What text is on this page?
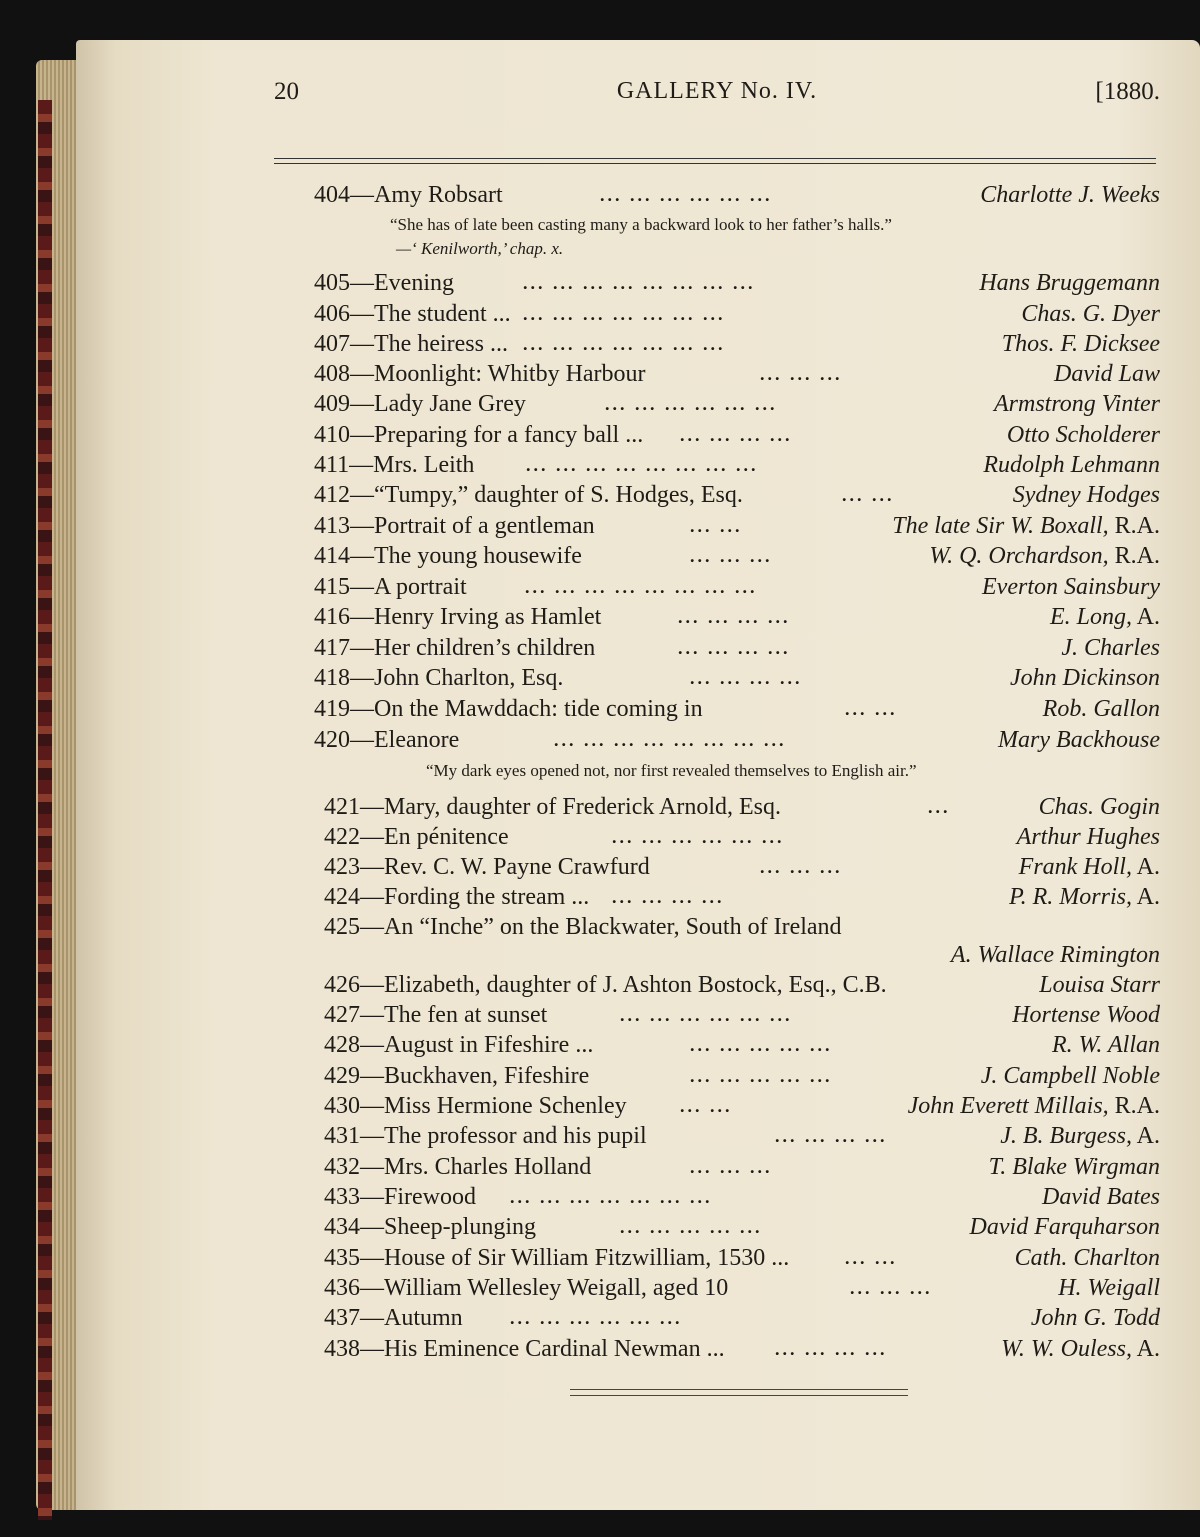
20	GALLERY No. IV.	[1880.
404—Amy Robsart	... ... ... ... ... ...	Charlotte J. Weeks
405—Evening	... ... ... ... ... ... ... ...	Hans Bruggemann
406—The student ... ... ... ... ... ... ... ...	Chas. G. Dyer
407—The heiress ... ... ... ... ... ... ... ...	Thos. F. Dicksee
408—Moonlight: Whitby Harbour	... ... ...	David Law
409—Lady Jane Grey	... ... ... ... ... ...	Armstrong Vinter
410—Preparing for a fancy ball ... ... ... ... ...	Otto Scholderer
411—Mrs. Leith	... ... ... ... ... ... ... ...	Rudolph Lehmann
412—“Tumpy,” daughter of S. Hodges, Esq.	... ...	Sydney Hodges
413—Portrait of a gentleman	... ...	The late Sir W. Boxall, R.A.
414—The young housewife	... ... ...	W. Q. Orchardson, R.A.
415—A portrait	... ... ... ... ... ... ... ...	Everton Sainsbury
416—Henry Irving as Hamlet	... ... ... ...	E. Long, A.
417—Her children’s children	... ... ... ...	J. Charles
418—John Charlton, Esq.	... ... ... ...	John Dickinson
419—On the Mawddach: tide coming in	... ...	Rob. Gallon
420—Eleanore	... ... ... ... ... ... ... ...	Mary Backhouse
421—Mary, daughter of Frederick Arnold, Esq.	...	Chas. Gogin
422—En pénitence	... ... ... ... ... ...	Arthur Hughes
423—Rev. C. W. Payne Crawfurd	... ... ...	Frank Holl, A.
424—Fording the stream ... ... ... ... ...	P. R. Morris, A.
425—An “Inche” on the Blackwater, South of Ireland
A. Wallace Rimington
426—Elizabeth, daughter of J. Ashton Bostock, Esq., C.B.	Louisa Starr
427—The fen at sunset	... ... ... ... ... ...	Hortense Wood
428—August in Fifeshire ...	... ... ... ... ...	R. W. Allan
429—Buckhaven, Fifeshire	... ... ... ... ...	J. Campbell Noble
430—Miss Hermione Schenley	... ...	John Everett Millais, R.A.
431—The professor and his pupil	... ... ... ...	J. B. Burgess, A.
432—Mrs. Charles Holland	... ... ...	T. Blake Wirgman
433—Firewood ... ... ... ... ... ... ...	David Bates
434—Sheep-plunging	... ... ... ... ...	David Farquharson
435—House of Sir William Fitzwilliam, 1530 ...	... ...	Cath. Charlton
436—William Wellesley Weigall, aged 10	... ... ...	H. Weigall
437—Autumn	... ... ... ... ... ...	John G. Todd
438—His Eminence Cardinal Newman ...	... ... ... ...	W. W. Ouless, A.
“She has of late been casting many a backward look to her father’s halls.”
—‘ Kenilworth,’ chap. x.
“My dark eyes opened not, nor first revealed themselves to English air.”
